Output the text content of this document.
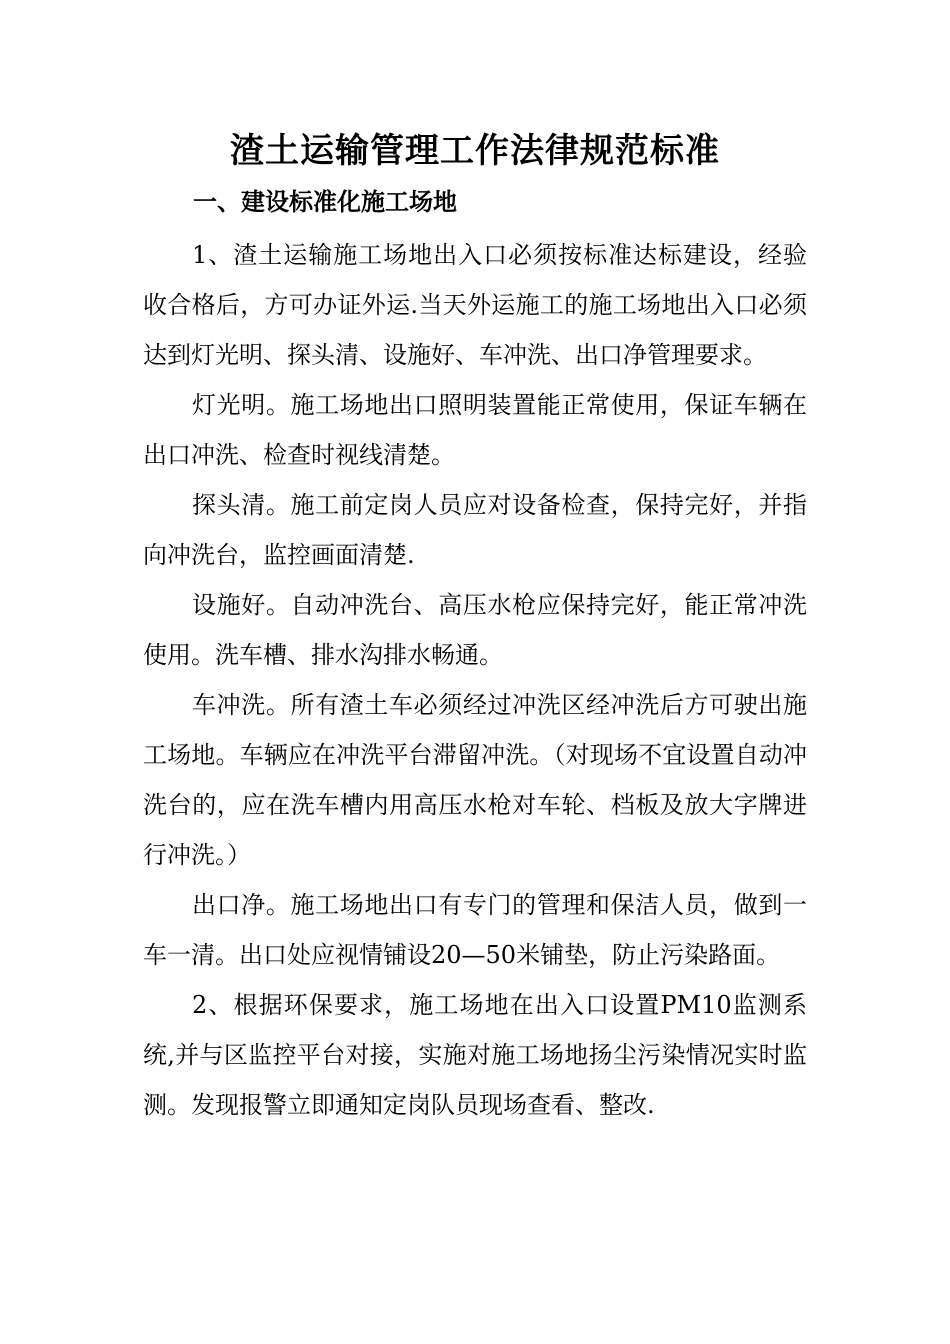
渣土运输管理工作法律规范标准
一、建设标准化施工场地

1、渣土运输施工场地出入口必须按标准达标建设，经验收合格后，方可办证外运.当天外运施工的施工场地出入口必须达到灯光明、探头清、设施好、车冲洗、出口净管理要求。

灯光明。施工场地出口照明装置能正常使用，保证车辆在出口冲洗、检查时视线清楚。

探头清。施工前定岗人员应对设备检查，保持完好，并指向冲洗台，监控画面清楚.

设施好。自动冲洗台、高压水枪应保持完好，能正常冲洗使用。洗车槽、排水沟排水畅通。

车冲洗。所有渣土车必须经过冲洗区经冲洗后方可驶出施工场地。车辆应在冲洗平台滞留冲洗。（对现场不宜设置自动冲洗台的，应在洗车槽内用高压水枪对车轮、档板及放大字牌进行冲洗。）

出口净。施工场地出口有专门的管理和保洁人员，做到一车一清。出口处应视情铺设20—50米铺垫，防止污染路面。

2、根据环保要求，施工场地在出入口设置PM10监测系统,并与区监控平台对接，实施对施工场地扬尘污染情况实时监测。发现报警立即通知定岗队员现场查看、整改.
